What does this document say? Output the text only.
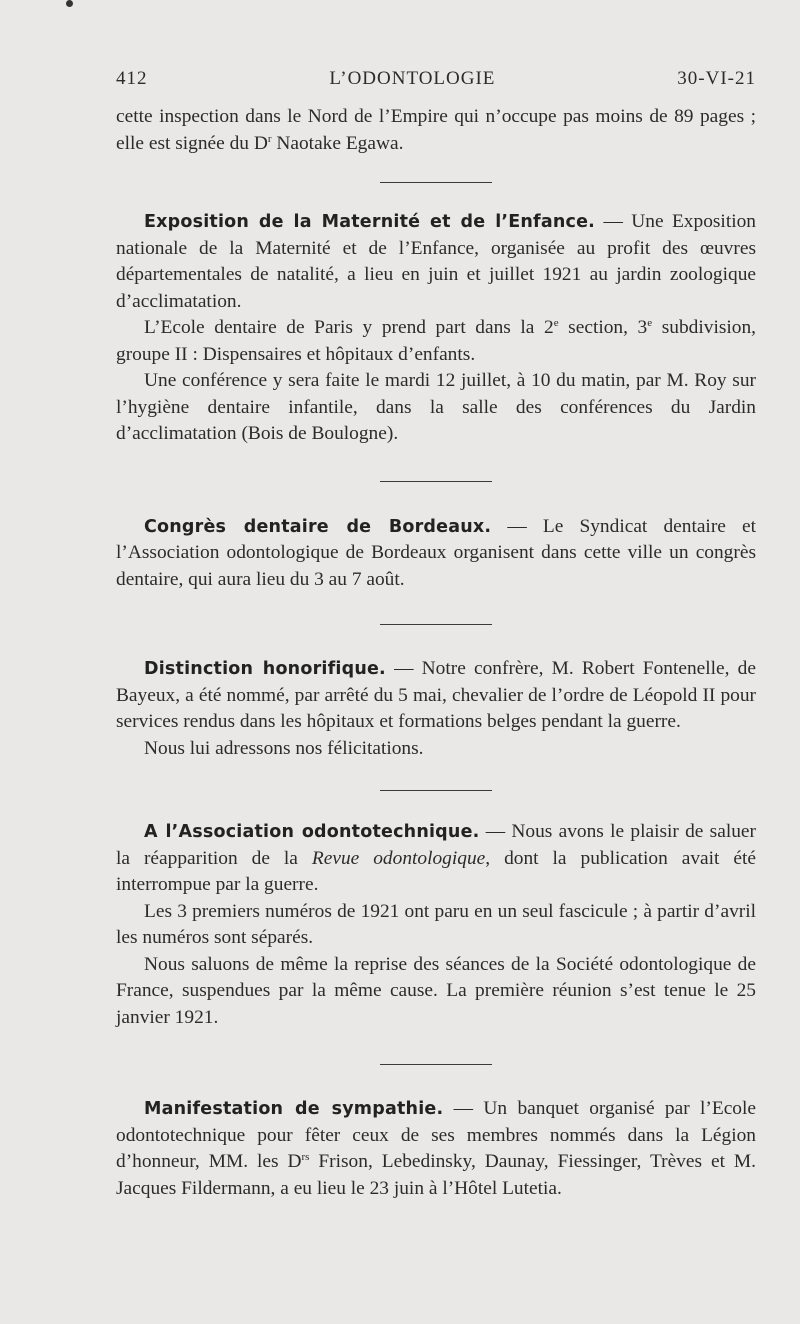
412	L’ODONTOLOGIE	30-VI-21

cette inspection dans le Nord de l’Empire qui n’occupe pas moins de 89 pages ; elle est signée du $D^r$ Naotake Egawa.

Exposition de la Maternité et de l’Enfance. — Une Exposition nationale de la Maternité et de l’Enfance, organisée au profit des œuvres départementales de natalité, a lieu en juin et juillet 1921 au jardin zoologique d’acclimatation.

L’Ecole dentaire de Paris y prend part dans la 2e section, 3e subdivision, groupe II : Dispensaires et hôpitaux d’enfants.

Une conférence y sera faite le mardi 12 juillet, à 10 du matin, par M. Roy sur l’hygiène dentaire infantile, dans la salle des conférences du Jardin d’acclimatation (Bois de Boulogne).

Congrès dentaire de Bordeaux. — Le Syndicat dentaire et l’Association odontologique de Bordeaux organisent dans cette ville un congrès dentaire, qui aura lieu du 3 au 7 août.

Distinction honorifique. — Notre confrère, M. Robert Fontenelle, de Bayeux, a été nommé, par arrêté du 5 mai, chevalier de l’ordre de Léopold II pour services rendus dans les hôpitaux et formations belges pendant la guerre.

Nous lui adressons nos félicitations.

A l’Association odontotechnique. — Nous avons le plaisir de saluer la réapparition de la Revue odontologique, dont la publication avait été interrompue par la guerre.

Les 3 premiers numéros de 1921 ont paru en un seul fascicule ; à partir d’avril les numéros sont séparés.

Nous saluons de même la reprise des séances de la Société odontologique de France, suspendues par la même cause. La première réunion s’est tenue le 25 janvier 1921.

Manifestation de sympathie. — Un banquet organisé par l’Ecole odontotechnique pour fêter ceux de ses membres nommés dans la Légion d’honneur, MM. les $D^{rs}$ Frison, Lebedinsky, Daunay, Fiessinger, Trèves et M. Jacques Fildermann, a eu lieu le 23 juin à l’Hôtel Lutetia.
